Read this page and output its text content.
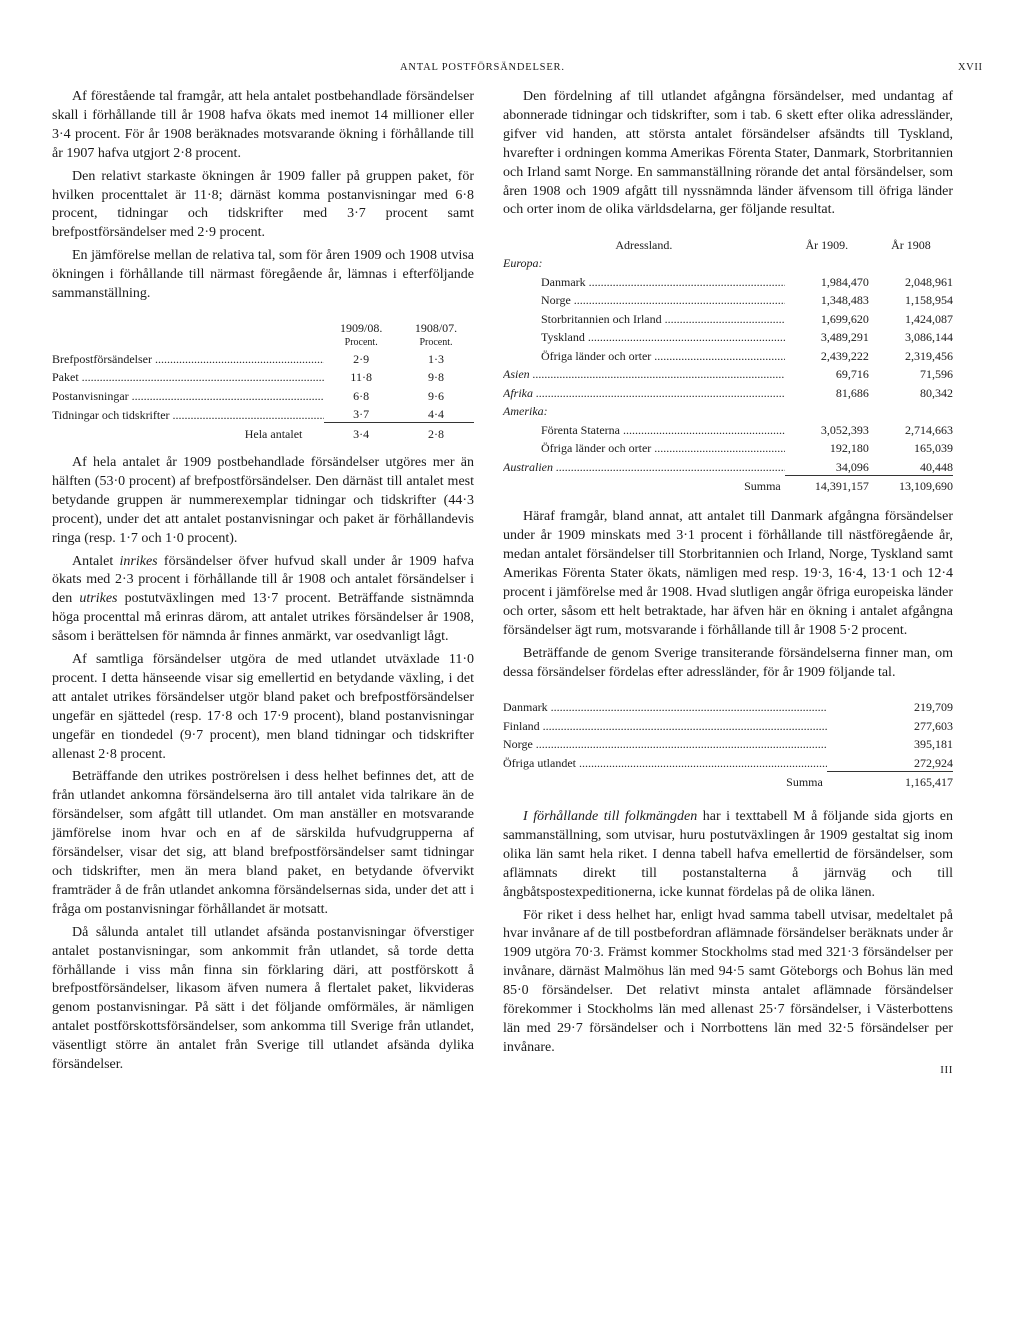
ANTAL POSTFÖRSÄNDELSER.	XVII

Af förestående tal framgår, att hela antalet postbehandlade försändelser skall i förhållande till år 1908 hafva ökats med inemot 14 millioner eller 3·4 procent. För år 1908 beräknades motsvarande ökning i förhållande till år 1907 hafva utgjort 2·8 procent.

Den relativt starkaste ökningen år 1909 faller på gruppen paket, för hvilken procenttalet är 11·8; därnäst komma postanvisningar med 6·8 procent, tidningar och tidskrifter med 3·7 procent samt brefpostförsändelser med 2·9 procent.

En jämförelse mellan de relativa tal, som för åren 1909 och 1908 utvisa ökningen i förhållande till närmast föregående år, lämnas i efterföljande sammanställning.

	1909/08.	1908/07.
	Procent.	Procent.
Brefpostförsändelser .....	2·9	1·3
Paket .....	11·8	9·8
Postanvisningar .....	6·8	9·6
Tidningar och tidskrifter .....	3·7	4·4
Hela antalet	3·4	2·8

Af hela antalet år 1909 postbehandlade försändelser utgöres mer än hälften (53·0 procent) af brefpostförsändelser. Den därnäst till antalet mest betydande gruppen är nummerexemplar tidningar och tidskrifter (44·3 procent), under det att antalet postanvisningar och paket är förhållandevis ringa (resp. 1·7 och 1·0 procent).

Antalet inrikes försändelser öfver hufvud skall under år 1909 hafva ökats med 2·3 procent i förhållande till år 1908 och antalet försändelser i den utrikes postutväxlingen med 13·7 procent. Beträffande sistnämnda höga procenttal må erinras därom, att antalet utrikes försändelser år 1908, såsom i berättelsen för nämnda år finnes anmärkt, var osedvanligt lågt.

Af samtliga försändelser utgöra de med utlandet utväxlade 11·0 procent. I detta hänseende visar sig emellertid en betydande växling, i det att antalet utrikes försändelser utgör bland paket och brefpostförsändelser ungefär en sjättedel (resp. 17·8 och 17·9 procent), bland postanvisningar ungefär en tiondedel (9·7 procent), men bland tidningar och tidskrifter allenast 2·8 procent.

Beträffande den utrikes poströrelsen i dess helhet befinnes det, att de från utlandet ankomna försändelserna äro till antalet vida talrikare än de försändelser, som afgått till utlandet. Om man anställer en motsvarande jämförelse inom hvar och en af de särskilda hufvudgrupperna af försändelser, visar det sig, att bland brefpostförsändelser samt tidningar och tidskrifter, men än mera bland paket, en betydande öfvervikt framträder å de från utlandet ankomna försändelsernas sida, under det att i fråga om postanvisningar förhållandet är motsatt.

Då sålunda antalet till utlandet afsända postanvisningar öfverstiger antalet postanvisningar, som ankommit från utlandet, så torde detta förhållande i viss mån finna sin förklaring däri, att postförskott å brefpostförsändelser, likasom äfven numera å flertalet paket, likvideras genom postanvisningar. På sätt i det följande omförmäles, är nämligen antalet postförskottsförsändelser, som ankomma till Sverige från utlandet, väsentligt större än antalet från Sverige till utlandet afsända dylika försändelser.

Den fördelning af till utlandet afgångna försändelser, med undantag af abonnerade tidningar och tidskrifter, som i tab. 6 skett efter olika adressländer, gifver vid handen, att största antalet försändelser afsändts till Tyskland, hvarefter i ordningen komma Amerikas Förenta Stater, Danmark, Storbritannien och Irland samt Norge. En sammanställning rörande det antal försändelser, som åren 1908 och 1909 afgått till nyssnämnda länder äfvensom till öfriga länder och orter inom de olika världsdelarna, ger följande resultat.

Adressland.	År 1909.	År 1908
Europa:		
Danmark .....	1,984,470	2,048,961
Norge .....	1,348,483	1,158,954
Storbritannien och Irland .....	1,699,620	1,424,087
Tyskland .....	3,489,291	3,086,144
Öfriga länder och orter .....	2,439,222	2,319,456
Asien .....	69,716	71,596
Afrika .....	81,686	80,342
Amerika:		
Förenta Staterna .....	3,052,393	2,714,663
Öfriga länder och orter .....	192,180	165,039
Australien .....	34,096	40,448
Summa	14,391,157	13,109,690

Häraf framgår, bland annat, att antalet till Danmark afgångna försändelser under år 1909 minskats med 3·1 procent i förhållande till nästföregående år, medan antalet försändelser till Storbritannien och Irland, Norge, Tyskland samt Amerikas Förenta Stater ökats, nämligen med resp. 19·3, 16·4, 13·1 och 12·4 procent i jämförelse med år 1908. Hvad slutligen angår öfriga europeiska länder och orter, såsom ett helt betraktade, har äfven här en ökning i antalet afgångna försändelser ägt rum, motsvarande i förhållande till år 1908 5·2 procent.

Beträffande de genom Sverige transiterande försändelserna finner man, om dessa försändelser fördelas efter adressländer, för år 1909 följande tal.

Danmark .....	219,709
Finland .....	277,603
Norge .....	395,181
Öfriga utlandet .....	272,924
Summa	1,165,417

I förhållande till folkmängden har i texttabell M å följande sida gjorts en sammanställning, som utvisar, huru postutväxlingen år 1909 gestaltat sig inom olika län samt hela riket. I denna tabell hafva emellertid de försändelser, som aflämnats direkt till postanstalterna å järnväg och till ångbåtspostexpeditionerna, icke kunnat fördelas på de olika länen.

För riket i dess helhet har, enligt hvad samma tabell utvisar, medeltalet på hvar invånare af de till postbefordran aflämnade försändelser beräknats under år 1909 utgöra 70·3. Främst kommer Stockholms stad med 321·3 försändelser per invånare, därnäst Malmöhus län med 94·5 samt Göteborgs och Bohus län med 85·0 försändelser. Det relativt minsta antalet aflämnade försändelser förekommer i Stockholms län med allenast 25·7 försändelser, i Västerbottens län med 29·7 försändelser och i Norrbottens län med 32·5 försändelser per invånare.

III
